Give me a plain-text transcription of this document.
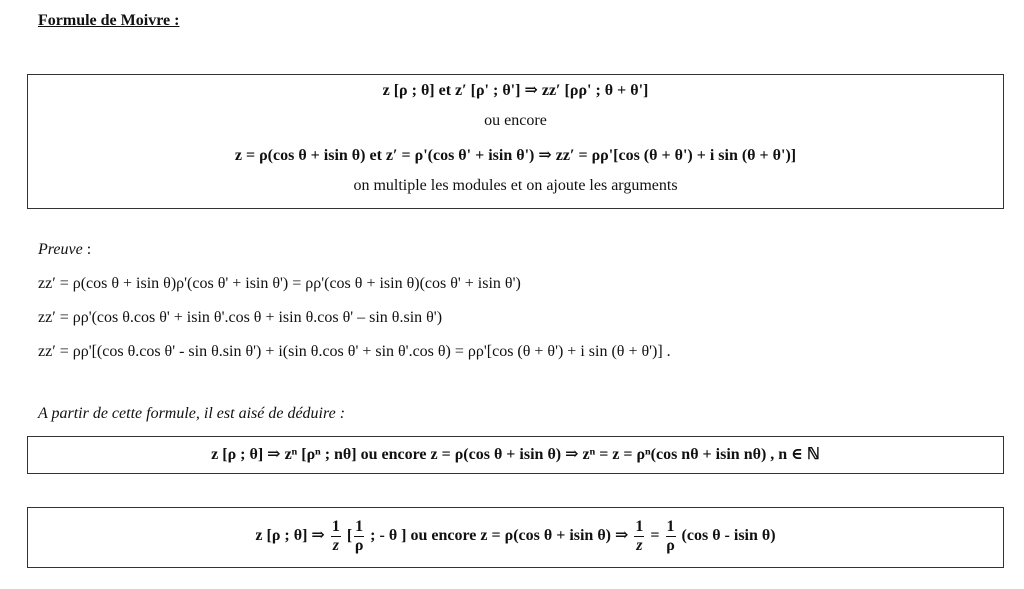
Formule de Moivre :
z [ρ ; θ] et z′ [ρ' ; θ'] ⇒ zz′ [ρρ' ; θ + θ']
ou encore
z = ρ(cos θ + isin θ) et z′ = ρ'(cos θ' + isin θ') ⇒ zz′ = ρρ'[cos (θ + θ') + i sin (θ + θ')]
on multiple les modules et on ajoute les arguments
Preuve :
zz′ = ρ(cos θ + isin θ)ρ'(cos θ' + isin θ') = ρρ'(cos θ + isin θ)(cos θ' + isin θ')
zz′ = ρρ'(cos θ.cos θ' + isin θ'.cos θ + isin θ.cos θ' – sin θ.sin θ')
zz′ = ρρ'[(cos θ.cos θ' - sin θ.sin θ') + i(sin θ.cos θ' + sin θ'.cos θ) = ρρ'[cos (θ + θ') + i sin (θ + θ')] .
A partir de cette formule, il est aisé de déduire :
z [ρ ; θ] ⇒ zⁿ [ρⁿ ; nθ] ou encore z = ρ(cos θ + isin θ) ⇒ zⁿ = z = ρⁿ(cos nθ + isin nθ) , n ∈ ℕ
z [ρ ; θ] ⇒ $\frac{1}{z}$ [ $\frac{1}{\rho}$ ; - θ ] ou encore z = ρ(cos θ + isin θ) ⇒ $\frac{1}{z} = \frac{1}{\rho} (\cos$ θ - isin θ)
